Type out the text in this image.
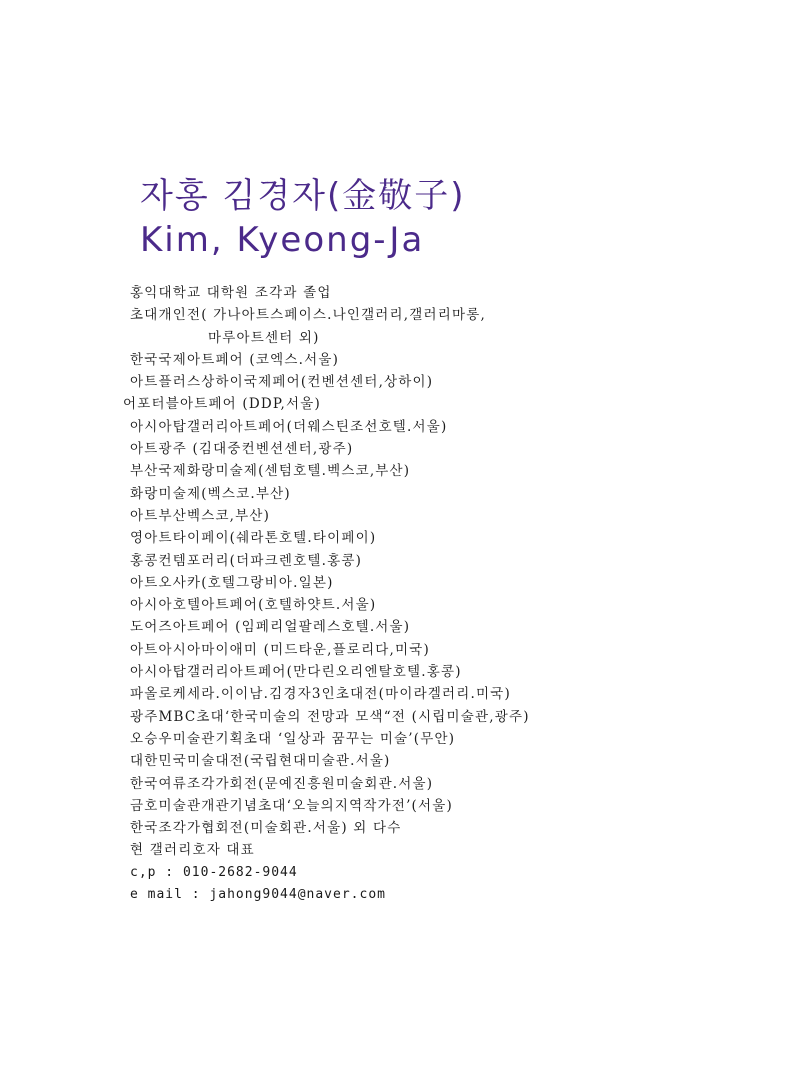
자홍 김경자(金敬子)
Kim, Kyeong-Ja
홍익대학교 대학원 조각과 졸업
초대개인전( 가나아트스페이스.나인갤러리,갤러리마롱,
마루아트센터 외)
한국국제아트페어 (코엑스.서울)
아트플러스상하이국제페어(컨벤션센터,상하이)
어포터블아트페어 (DDP,서울)
아시아탑갤러리아트페어(더웨스틴조선호텔.서울)
아트광주 (김대중컨벤션센터,광주)
부산국제화랑미술제(센텀호텔.벡스코,부산)
화랑미술제(벡스코.부산)
아트부산벡스코,부산)
영아트타이페이(쉐라톤호텔.타이페이)
홍콩컨템포러리(더파크렌호텔.홍콩)
아트오사카(호텔그랑비아.일본)
아시아호텔아트페어(호텔하얏트.서울)
도어즈아트페어 (임페리얼팔레스호텔.서울)
아트아시아마이애미 (미드타운,플로리다,미국)
아시아탑갤러리아트페어(만다린오리엔탈호텔.홍콩)
파올로케세라.이이남.김경자3인초대전(마이라겔러리.미국)
광주MBC초대‘한국미술의 전망과 모색“전 (시립미술관,광주)
오승우미술관기획초대 ‘일상과 꿈꾸는 미술’(무안)
대한민국미술대전(국립현대미술관.서울)
한국여류조각가회전(문예진흥원미술회관.서울)
금호미술관개관기념초대‘오늘의지역작가전’(서울)
한국조각가협회전(미술회관.서울) 외 다수
현 갤러리호자 대표
c,p : 010-2682-9044
e mail : jahong9044@naver.com
